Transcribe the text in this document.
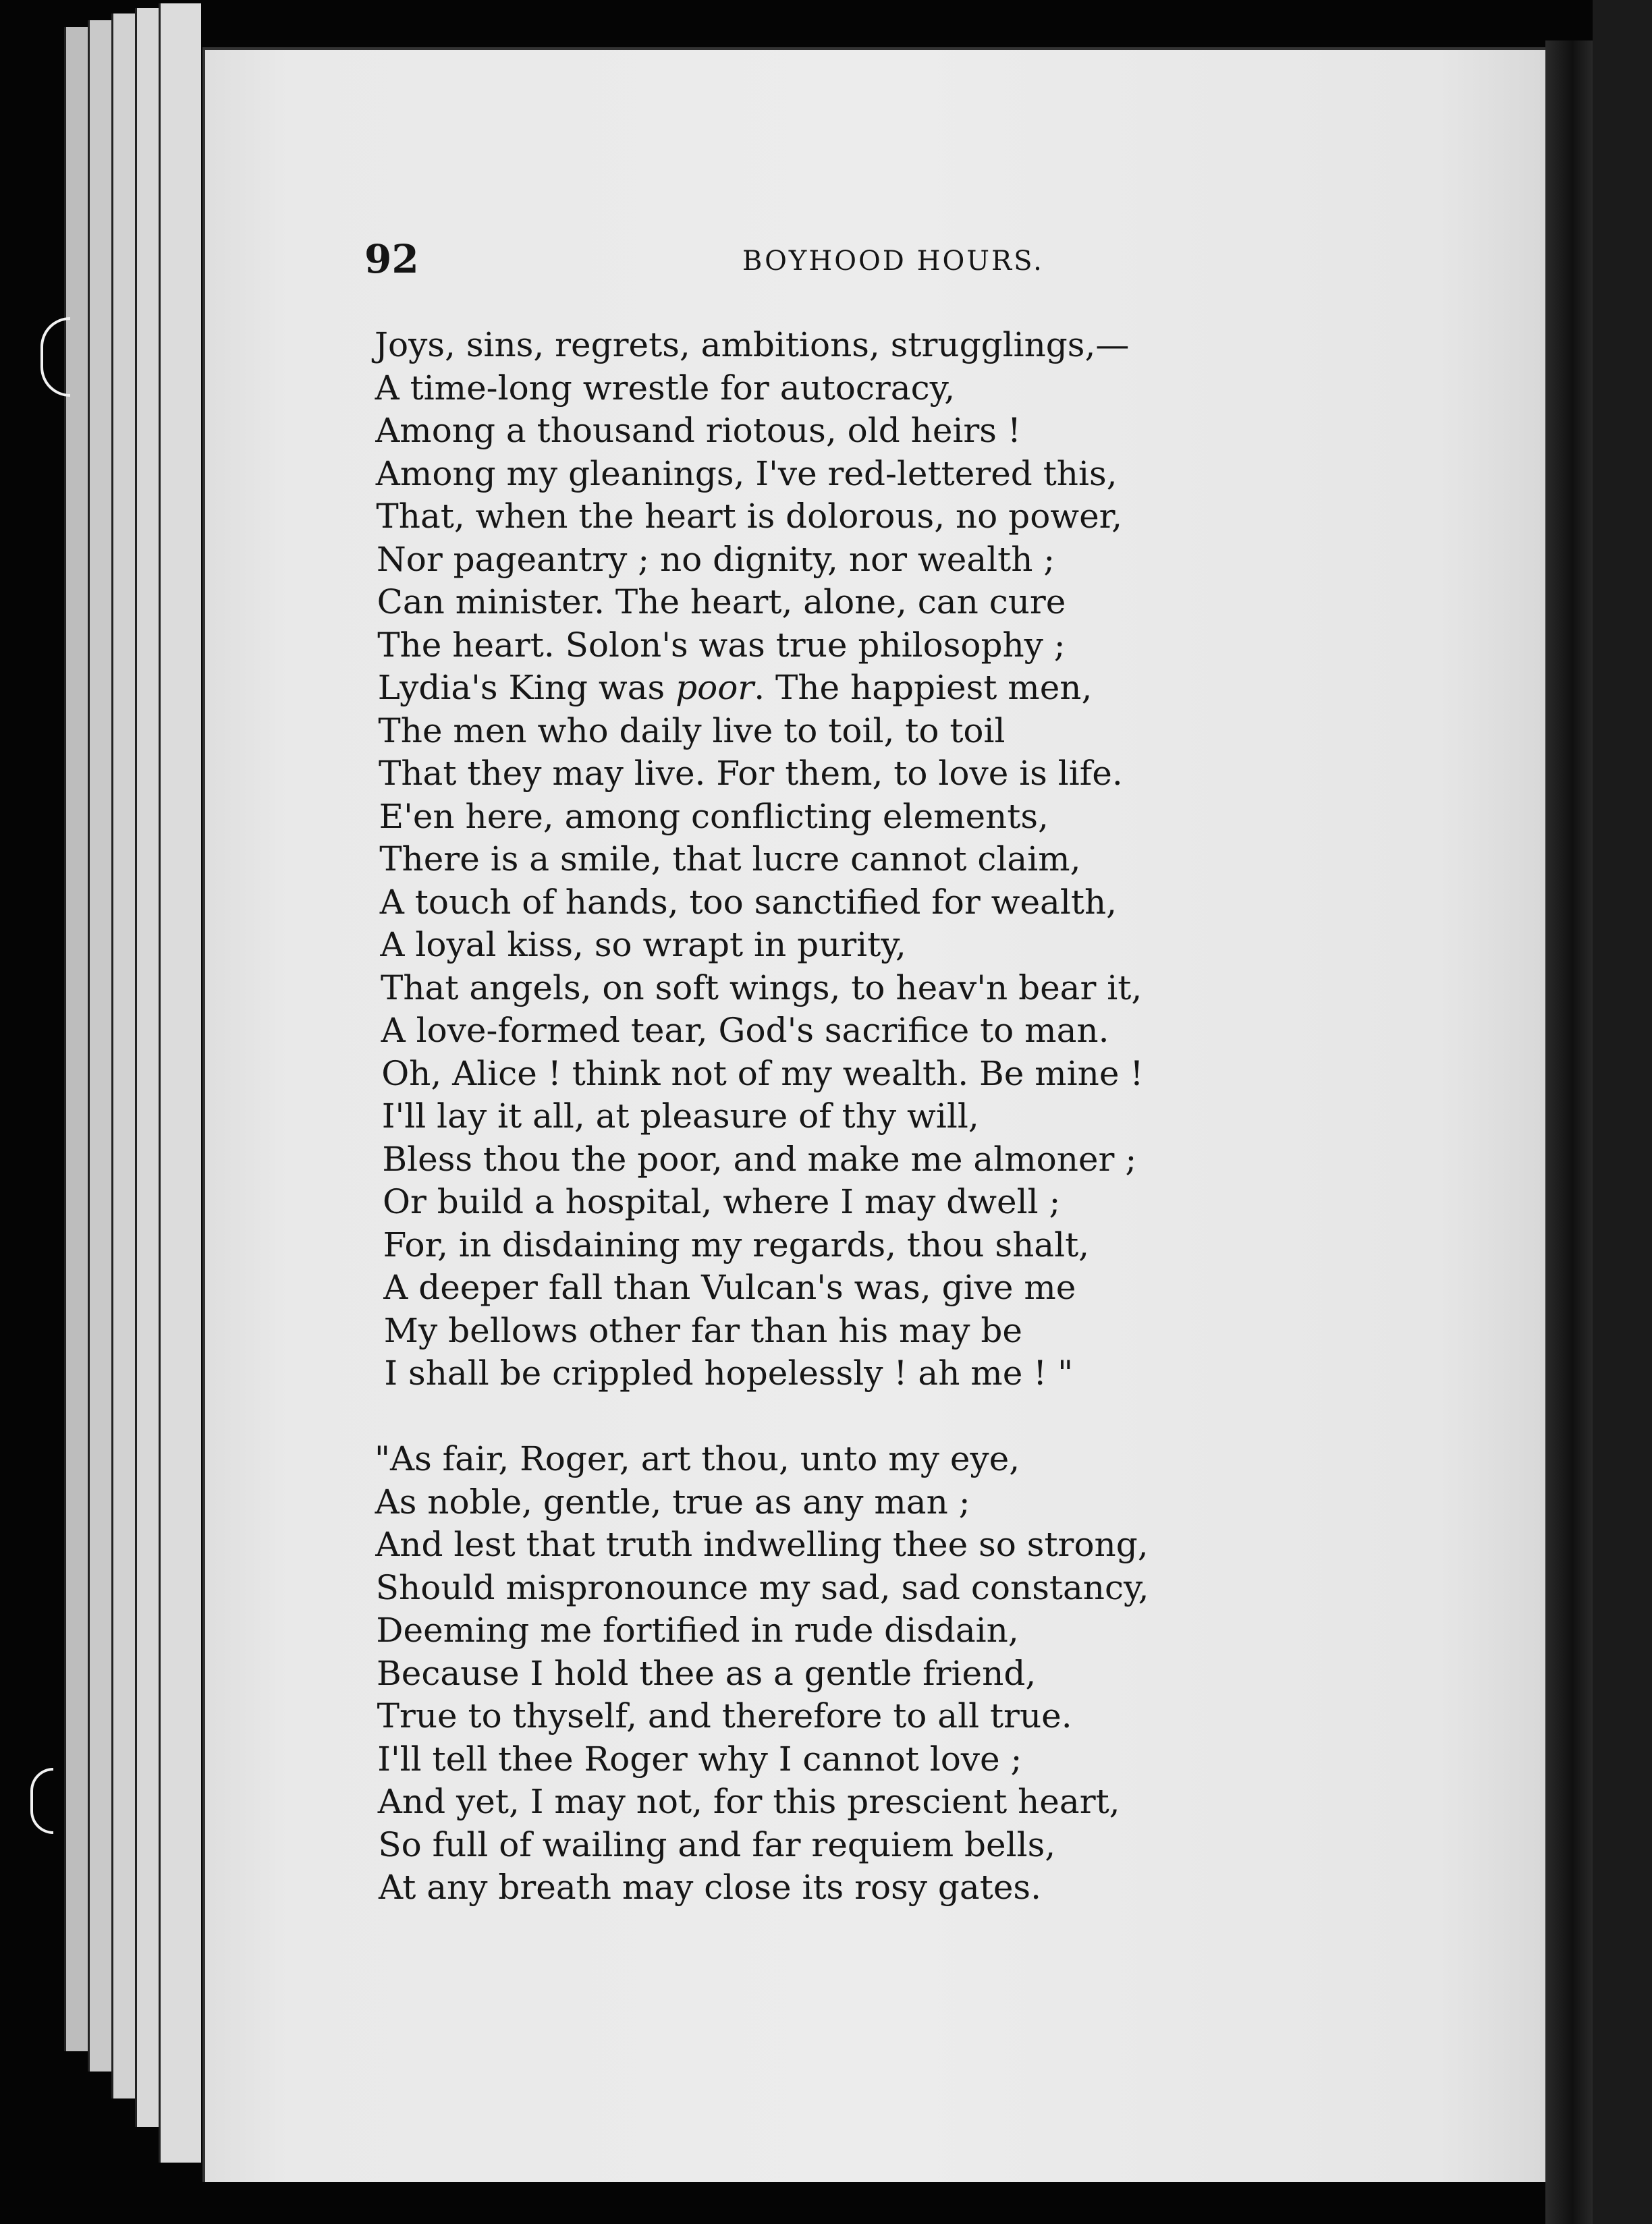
92	BOYHOOD HOURS.
Joys, sins, regrets, ambitions, strugglings,—
A time-long wrestle for autocracy,
Among a thousand riotous, old heirs !
Among my gleanings, I've red-lettered this,
That, when the heart is dolorous, no power,
Nor pageantry ; no dignity, nor wealth ;
Can minister. The heart, alone, can cure
The heart. Solon's was true philosophy ;
Lydia's King was poor. The happiest men,
The men who daily live to toil, to toil
That they may live. For them, to love is life.
E'en here, among conflicting elements,
There is a smile, that lucre cannot claim,
A touch of hands, too sanctified for wealth,
A loyal kiss, so wrapt in purity,
That angels, on soft wings, to heav'n bear it,
A love-formed tear, God's sacrifice to man.
Oh, Alice ! think not of my wealth. Be mine !
I'll lay it all, at pleasure of thy will,
Bless thou the poor, and make me almoner ;
Or build a hospital, where I may dwell ;
For, in disdaining my regards, thou shalt,
A deeper fall than Vulcan's was, give me
My bellows other far than his may be
I shall be crippled hopelessly ! ah me ! "
"As fair, Roger, art thou, unto my eye,
As noble, gentle, true as any man ;
And lest that truth indwelling thee so strong,
Should mispronounce my sad, sad constancy,
Deeming me fortified in rude disdain,
Because I hold thee as a gentle friend,
True to thyself, and therefore to all true.
I'll tell thee Roger why I cannot love ;
And yet, I may not, for this prescient heart,
So full of wailing and far requiem bells,
At any breath may close its rosy gates.
